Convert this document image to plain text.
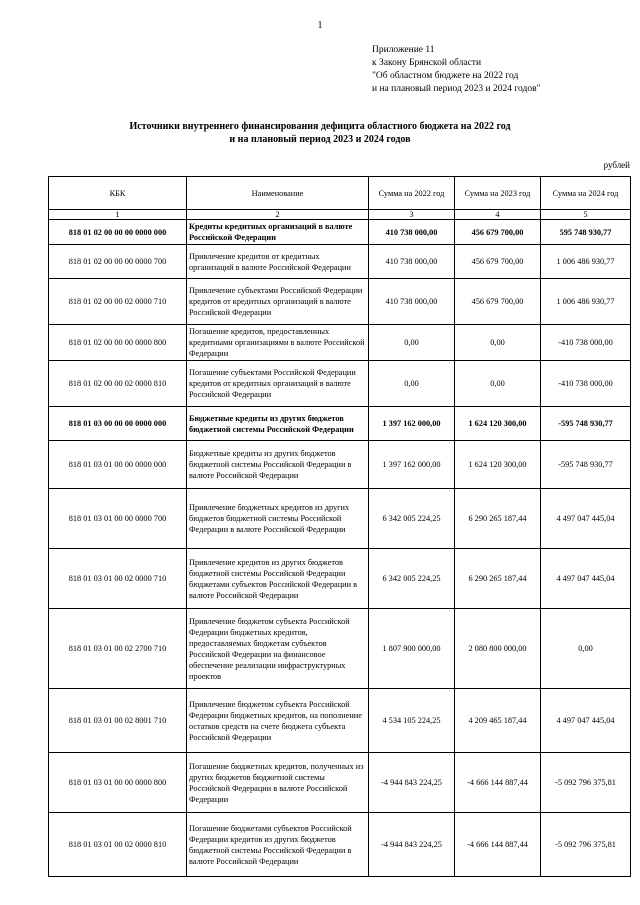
1
Приложение 11
к Закону Брянской области
"Об областном бюджете на 2022 год
и на плановый период 2023 и 2024 годов"
Источники внутреннего финансирования дефицита областного бюджета на 2022 год
и на плановый период 2023 и 2024 годов
рублей
КБК	Наименование	Сумма на 2022 год	Сумма на 2023 год	Сумма на 2024 год
1	2	3	4	5
818 01 02 00 00 00 0000 000	Кредиты кредитных организаций в валюте Российской Федерации	410 738 000,00	456 679 700,00	595 748 930,77
818 01 02 00 00 00 0000 700	Привлечение кредитов от кредитных организаций в валюте Российской Федерации	410 738 000,00	456 679 700,00	1 006 486 930,77
818 01 02 00 00 02 0000 710	Привлечение субъектами Российской Федерации кредитов от кредитных организаций в валюте Российской Федерации	410 738 000,00	456 679 700,00	1 006 486 930,77
818 01 02 00 00 00 0000 800	Погашение кредитов, предоставленных кредитными организациями в валюте Российской Федерации	0,00	0,00	-410 738 000,00
818 01 02 00 00 02 0000 810	Погашение субъектами Российской Федерации кредитов от кредитных организаций в валюте Российской Федерации	0,00	0,00	-410 738 000,00
818 01 03 00 00 00 0000 000	Бюджетные кредиты из других бюджетов бюджетной системы Российской Федерации	1 397 162 000,00	1 624 120 300,00	-595 748 930,77
818 01 03 01 00 00 0000 000	Бюджетные кредиты из других бюджетов бюджетной системы Российской Федерации в валюте Российской Федерации	1 397 162 000,00	1 624 120 300,00	-595 748 930,77
818 01 03 01 00 00 0000 700	Привлечение бюджетных кредитов из других бюджетов бюджетной системы Российской Федерации в валюте Российской Федерации	6 342 005 224,25	6 290 265 187,44	4 497 047 445,04
818 01 03 01 00 02 0000 710	Привлечение кредитов из других бюджетов бюджетной системы Российской Федерации бюджетами субъектов Российской Федерации в валюте Российской Федерации	6 342 005 224,25	6 290 265 187,44	4 497 047 445,04
818 01 03 01 00 02 2700 710	Привлечение бюджетом субъекта Российской Федерации бюджетных кредитов, предоставляемых бюджетам субъектов Российской Федерации на финансовое обеспечение реализации инфраструктурных проектов	1 807 900 000,00	2 080 800 000,00	0,00
818 01 03 01 00 02 8001 710	Привлечение бюджетом субъекта Российской Федерации бюджетных кредитов, на пополнение остатков средств на счете бюджета субъекта Российской Федерации	4 534 105 224,25	4 209 465 187,44	4 497 047 445,04
818 01 03 01 00 00 0000 800	Погашение бюджетных кредитов, полученных из других бюджетов бюджетной системы Российской Федерации в валюте Российской Федерации	-4 944 843 224,25	-4 666 144 887,44	-5 092 796 375,81
818 01 03 01 00 02 0000 810	Погашение бюджетами субъектов Российской Федерации кредитов из других бюджетов бюджетной системы Российской Федерации в валюте Российской Федерации	-4 944 843 224,25	-4 666 144 887,44	-5 092 796 375,81
